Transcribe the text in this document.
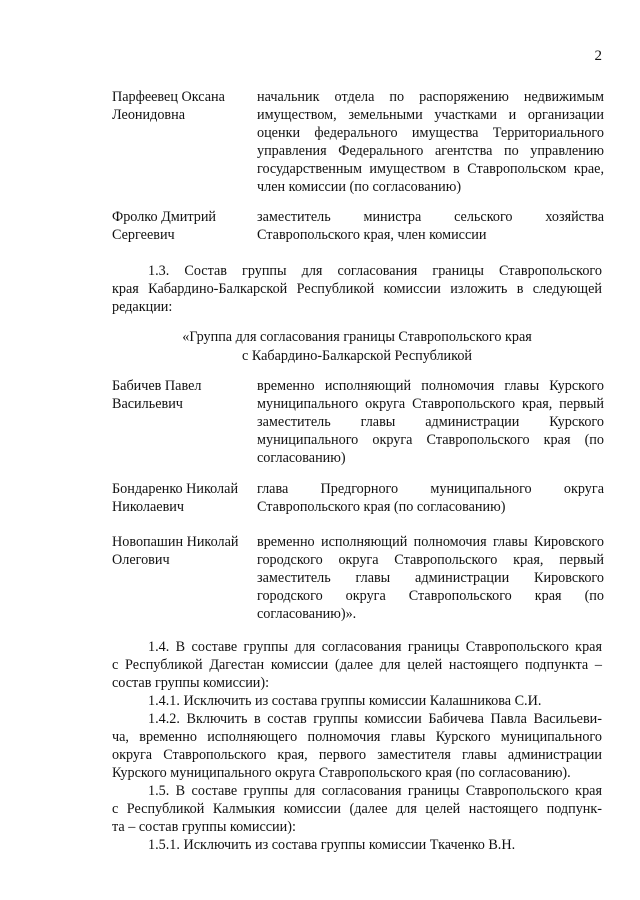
2
Парфеевец Оксана
Леонидовна
начальник отдела по распоряжению недвижимым имуществом, земельными участками и организации оценки федерального имущества Территориального управления Федерального агентства по управлению государственным имуществом в Ставропольском крае, член комиссии (по согласованию)
Фролко Дмитрий
Сергеевич
заместитель министра сельского хозяйства Ставропольского края, член комиссии
1.3. Состав группы для согласования границы Ставропольского
края Кабардино-Балкарской Республикой комиссии изложить в следующей
редакции:
«Группа для согласования границы Ставропольского края
с Кабардино-Балкарской Республикой
Бабичев Павел
Васильевич
временно исполняющий полномочия главы Курского муниципального округа Ставропольского края, первый заместитель главы администрации Курского муниципального округа Ставропольского края (по согласованию)
Бондаренко Николай
Николаевич
глава Предгорного муниципального округа Ставропольского края (по согласованию)
Новопашин Николай
Олегович
временно исполняющий полномочия главы Кировского городского округа Ставропольского края, первый заместитель главы администрации Кировского городского округа Ставропольского края (по согласованию)».
1.4. В составе группы для согласования границы Ставропольского края
с Республикой Дагестан комиссии (далее для целей настоящего подпункта –
состав группы комиссии):
1.4.1. Исключить из состава группы комиссии Калашникова С.И.
1.4.2. Включить в состав группы комиссии Бабичева Павла Васильеви-
ча, временно исполняющего полномочия главы Курского муниципального
округа Ставропольского края, первого заместителя главы администрации
Курского муниципального округа Ставропольского края (по согласованию).
1.5. В составе группы для согласования границы Ставропольского края
с Республикой Калмыкия комиссии (далее для целей настоящего подпунк-
та – состав группы комиссии):
1.5.1. Исключить из состава группы комиссии Ткаченко В.Н.
